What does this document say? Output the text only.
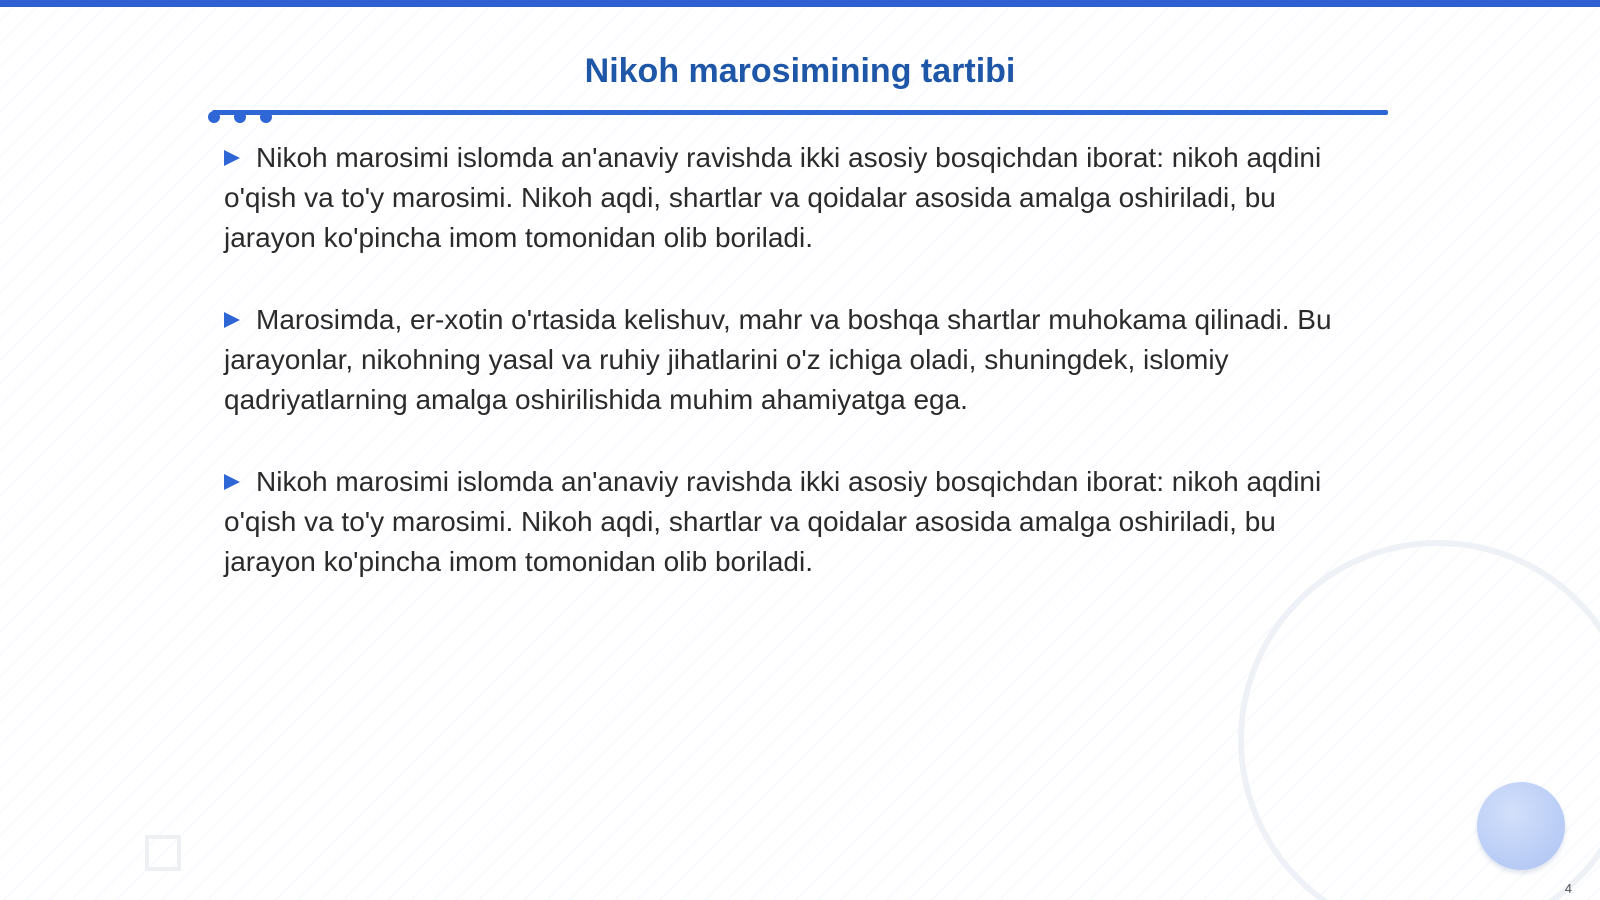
Nikoh marosimining tartibi

Nikoh marosimi islomda an'anaviy ravishda ikki asosiy bosqichdan iborat: nikoh aqdini o'qish va to'y marosimi. Nikoh aqdi, shartlar va qoidalar asosida amalga oshiriladi, bu jarayon ko'pincha imom tomonidan olib boriladi.

Marosimda, er-xotin o'rtasida kelishuv, mahr va boshqa shartlar muhokama qilinadi. Bu jarayonlar, nikohning yasal va ruhiy jihatlarini o'z ichiga oladi, shuningdek, islomiy qadriyatlarning amalga oshirilishida muhim ahamiyatga ega.

Nikoh marosimi islomda an'anaviy ravishda ikki asosiy bosqichdan iborat: nikoh aqdini o'qish va to'y marosimi. Nikoh aqdi, shartlar va qoidalar asosida amalga oshiriladi, bu jarayon ko'pincha imom tomonidan olib boriladi.

4
